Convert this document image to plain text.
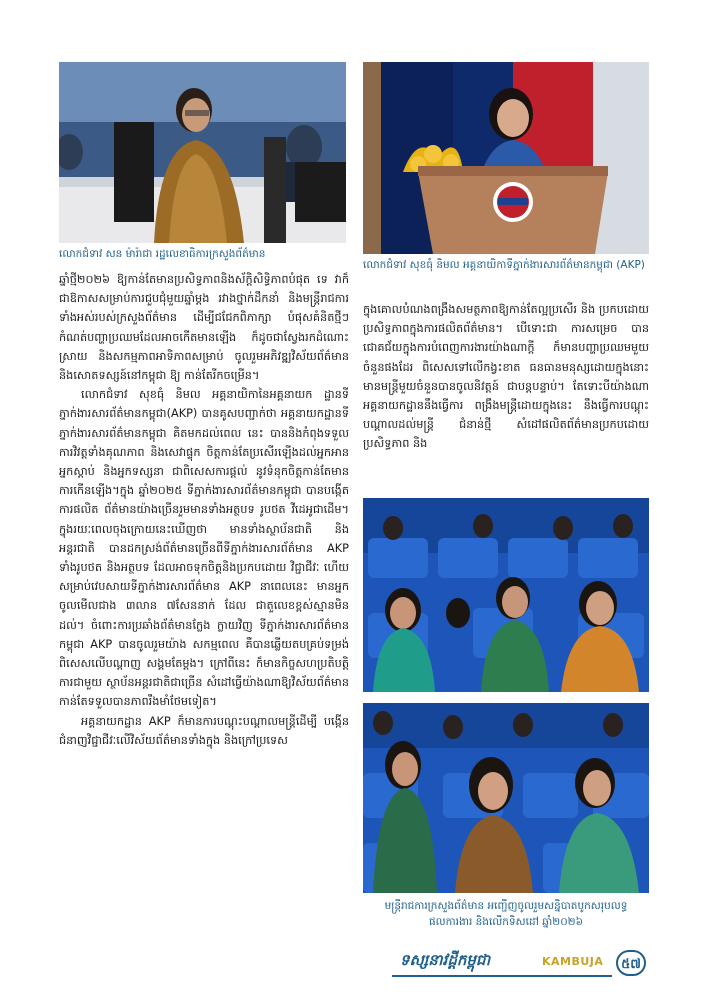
លោកជំទាវ សន ម៉ារ៉ាជា រដ្ឋលេខាធិការក្រសួងព័ត៌មាន
លោកជំទាវ សុខធុំ និមល អគ្គនាយិកាទីភ្នាក់ងារសារព័ត៌មានកម្ពុជា (AKP)

ឆ្នាំថ្មី២០២៦ ឱ្យកាន់តែមានប្រសិទ្ធភាពនិងស័ក្តិសិទ្ធិភាពបំផុត ទេ វាក៏ជាឱកាសសម្រាប់ការជួបជុំមួយឆ្នាំម្ដង រវាងថ្នាក់ដឹកនាំ និងមន្ត្រីរាជការទាំងអស់របស់ក្រសួងព័ត៌មាន ដើម្បីជជែកពិភាក្សា បំផុសគំនិតថ្មីៗ កំណត់បញ្ហាប្រឈមដែលអាចកើតមានឡើង ក៏ដូចជាស្វែងរកដំណោះស្រាយ និងសកម្មភាពអាទិភាពសម្រាប់ ចូលរួមអភិវឌ្ឍវិស័យព័ត៌មាន និងសោតទស្សន៍នៅកម្ពុជា ឱ្យ កាន់តែរីកចម្រើន។

លោកជំទាវ សុខធុំ និមល អគ្គនាយិកានៃអគ្គនាយក ដ្ឋានទីភ្នាក់ងារសារព័ត៌មានកម្ពុជា(AKP) បានគូសបញ្ជាក់ថា អគ្គនាយកដ្ឋានទីភ្នាក់ងារសារព័ត៌មានកម្ពុជា គិតមកដល់ពេល នេះ បាននិងកំពុងទទួលការវិវត្តទាំងគុណភាព និងសេវាផ្ទុក ចិត្តកាន់តែប្រសើរឡើងដល់អ្នកអាន អ្នកស្តាប់ និងអ្នកទស្សនា ជាពិសេសការផ្តល់ នូវទំនុកចិត្តកាន់តែមានការកើនឡើង។ក្នុង ឆ្នាំ២០២៥ ទីភ្នាក់ងារសារព័ត៌មានកម្ពុជា បានបង្កើតការផលិត ព័ត៌មានយ៉ាងច្រើនរួមមានទាំងអត្ថបទ រូបថត វីដេអូជាដើម។ ក្នុងរយៈពេលចុងក្រោយនេះឃើញថា មានទាំងស្ថាប័នជាតិ និង អន្តរជាតិ បានដកស្រង់ព័ត៌មានច្រើនពីទីភ្នាក់ងារសារព័ត៌មាន AKP ទាំងរូបថត និងអត្ថបទ ដែលអាចទុកចិត្តនិងប្រកបដោយ វិជ្ជាជីវៈ ហើយសម្រាប់វេបសាយទីភ្នាក់ងារសារព័ត៌មាន AKP នាពេលនេះ មានអ្នកចូលមើលជាង ៣លាន ៧សែននាក់ ដែល ជាតួលេខខ្ពស់ស្មានមិនដល់។ ចំពោះការប្រឆាំងព័ត៌មានក្លែង ក្លាយវិញ ទីភ្នាក់ងារសារព័ត៌មានកម្ពុជា AKP បានចូលរួមយ៉ាង សកម្មពេល គឺបានឆ្លើយតបគ្រប់ទម្រង់ ពិសេសលើបណ្តាញ សង្គមតែម្តង។ ក្រៅពីនេះ ក៏មានកិច្ចសហប្រតិបត្តិការជាមួយ ស្ថាប័នអន្តរជាតិជាច្រើន សំដៅធ្វើយ៉ាងណាឱ្យវិស័យព័ត៌មាន កាន់តែទទួលបានភាពរឹងមាំថែមទៀត។

អគ្គនាយកដ្ឋាន AKP ក៏មានការបណ្តុះបណ្តាលមន្ត្រីដើម្បី បង្កើនជំនាញវិជ្ជាជីវៈលើវិស័យព័ត៌មានទាំងក្នុង និងក្រៅប្រទេស

ក្នុងគោលបំណងពង្រឹងសមត្ថភាពឱ្យកាន់តែល្អប្រសើរ និង ប្រកបដោយប្រសិទ្ធភាពក្នុងការផលិតព័ត៌មាន។ បើទោះជា ការសម្រេច បានជោគជ័យក្នុងការបំពេញការងារយ៉ាងណាក្តី ក៏មានបញ្ហាប្រឈមមួយចំនួនផងដែរ ពិសេសទៅលើកង្វះខាត ធនធានមនុស្សដោយក្នុងនោះមានមន្ត្រីមួយចំនួនបានចូលនិវត្តន៍ ជាបន្តបន្ទាប់។ តែទោះបីយ៉ាងណា អគ្គនាយកដ្ឋាននឹងធ្វើការ ពង្រឹងមន្ត្រីដោយក្នុងនេះ នឹងធ្វើការបណ្តុះបណ្តាលដល់មន្ត្រី ជំនាន់ថ្មី សំដៅផលិតព័ត៌មានប្រកបដោយប្រសិទ្ធភាព និង

មន្ត្រីរាជការក្រសួងព័ត៌មាន អញ្ជើញចូលរួមសន្និបាតបូកសរុបលទ្ធផលការងារ និងលើកទិសដៅ ឆ្នាំ២០២៦
ទស្សនាវដ្តីកម្ពុជា	KAMBUJA	៥៧
